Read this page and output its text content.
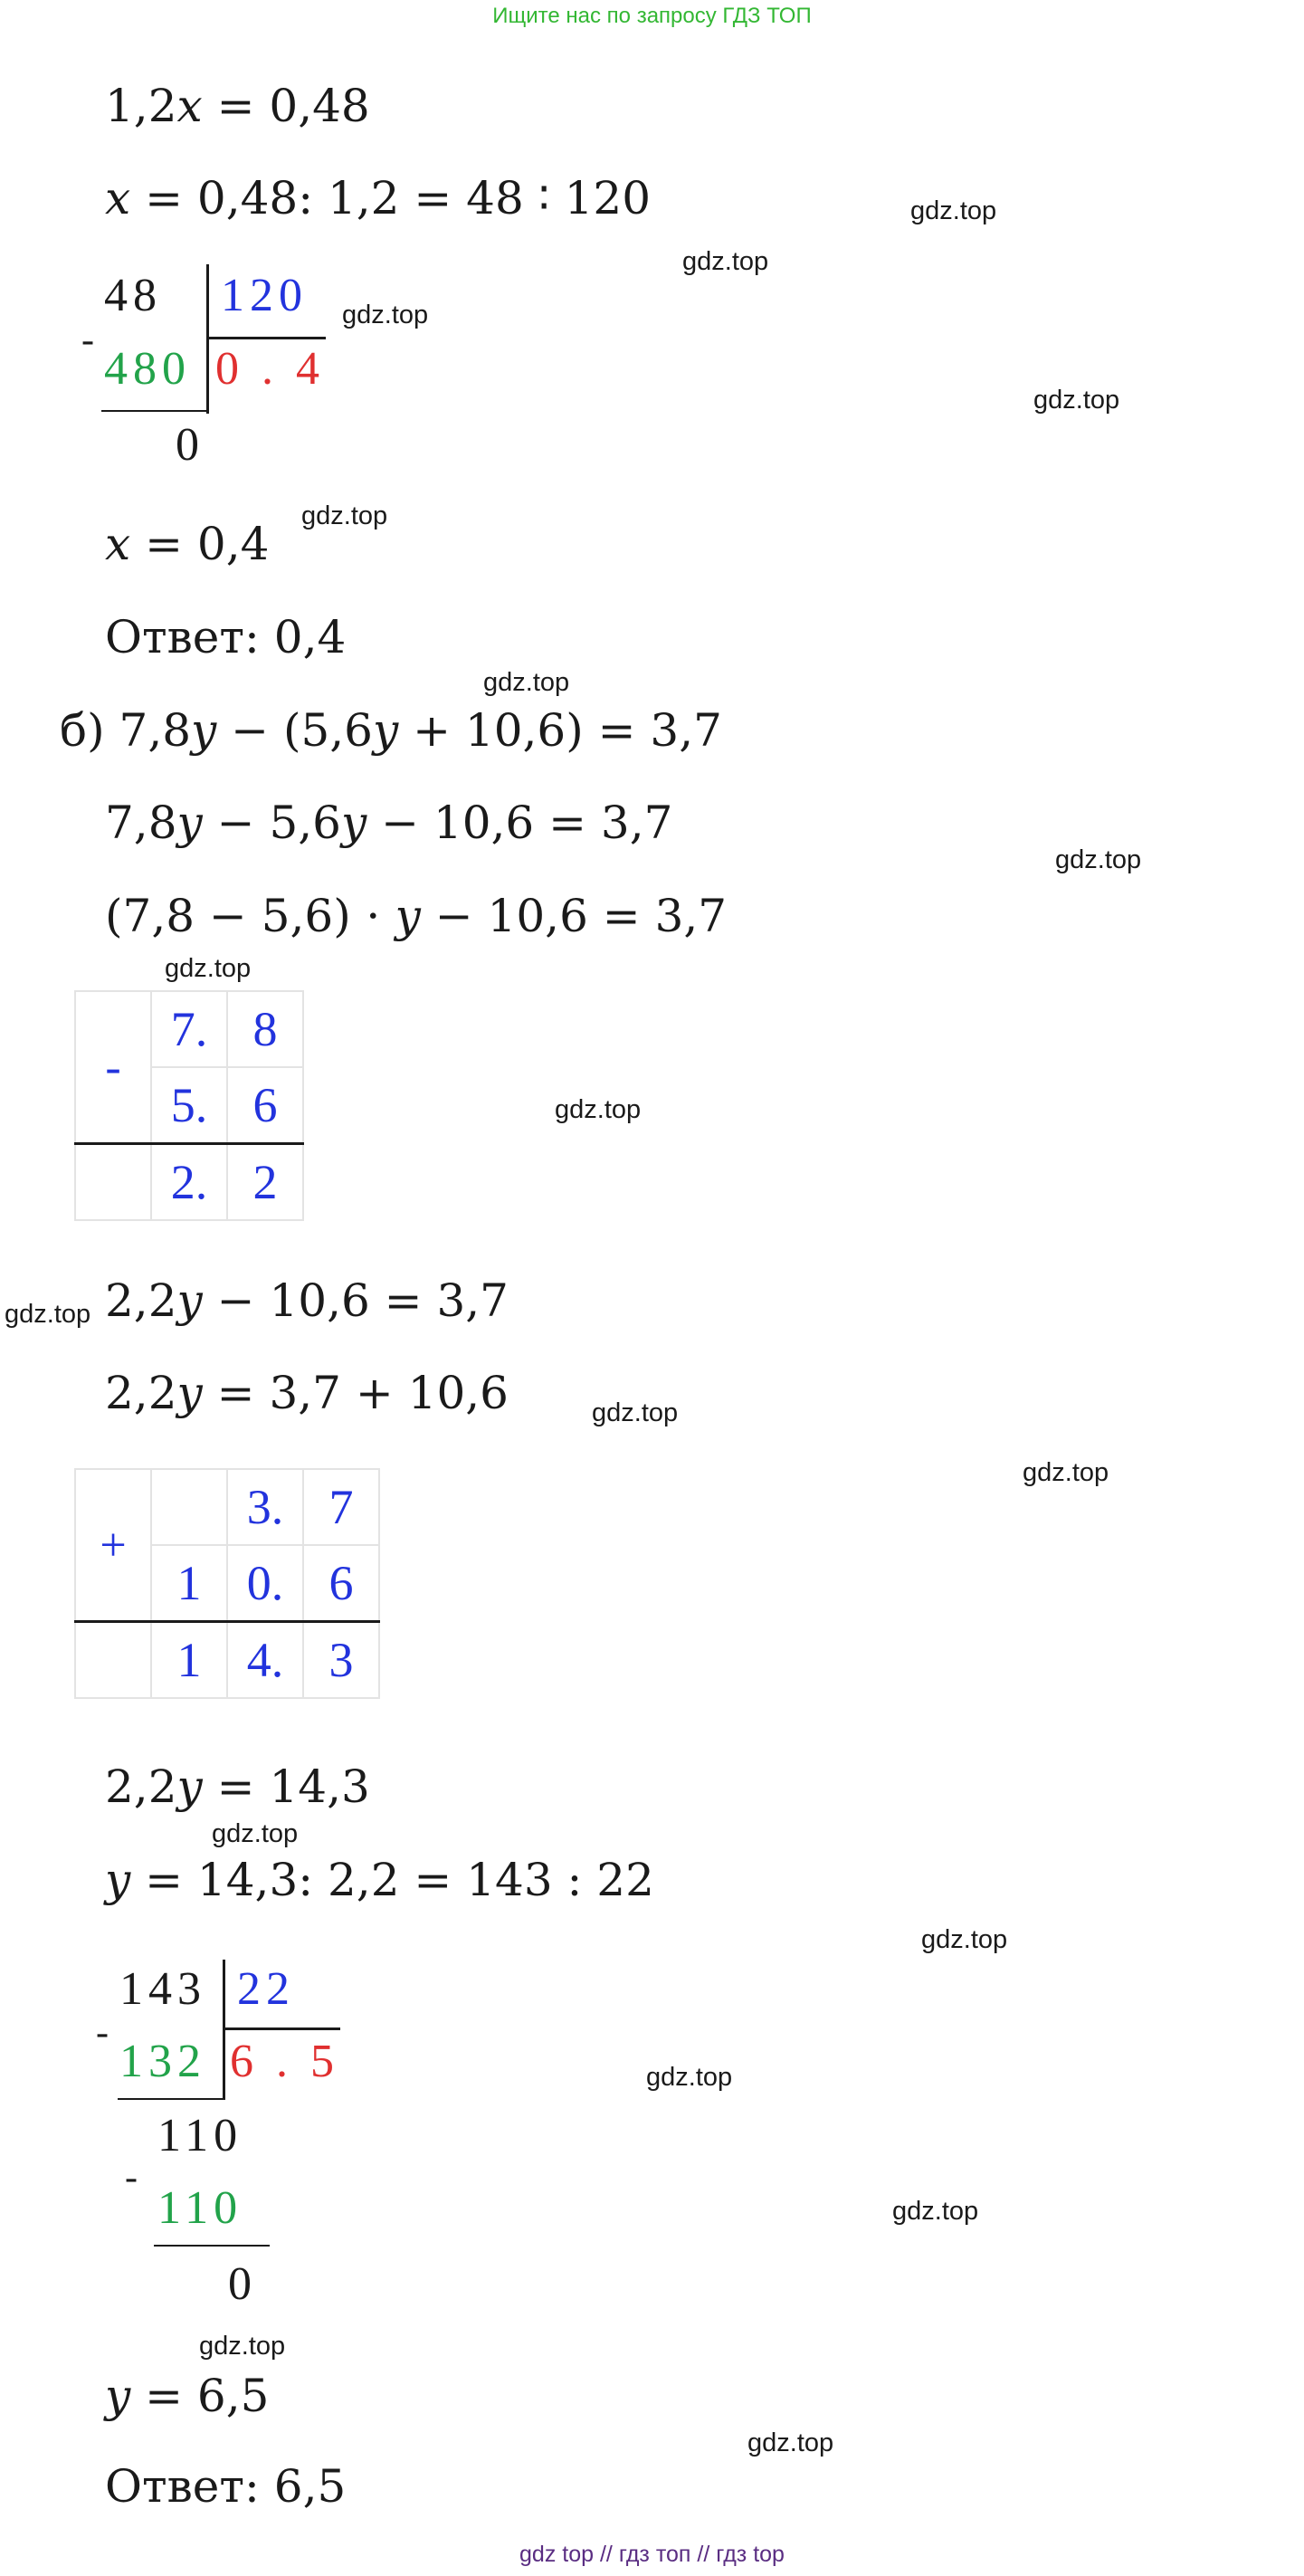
Ищите нас по запросу ГДЗ ТОП
1,2𝑥 = 0,48
𝑥 = 0,48: 1,2 = 48 ∶ 120
48 120
-
480 0 . 4
0
𝑥 = 0,4
Ответ: 0,4
б) 7,8𝑦 − (5,6𝑦 + 10,6) = 3,7
7,8𝑦 − 5,6𝑦 − 10,6 = 3,7
(7,8 − 5,6) ⋅ 𝑦 − 10,6 = 3,7
-	7.	8
	5.	6
	2.	2
2,2𝑦 − 10,6 = 3,7
2,2𝑦 = 3,7 + 10,6
+		3.	7
	1	0.	6
	1	4.	3
2,2𝑦 = 14,3
𝑦 = 14,3: 2,2 = 143 : 22
143 22
-
132 6 . 5
110
-
110
0
𝑦 = 6,5
Ответ: 6,5
gdz.top
gdz.top
gdz.top
gdz.top
gdz.top
gdz.top
gdz.top
gdz.top
gdz.top
gdz.top
gdz.top
gdz.top
gdz.top
gdz.top
gdz.top
gdz.top
gdz.top
gdz.top
gdz top // гдз топ // гдз top
